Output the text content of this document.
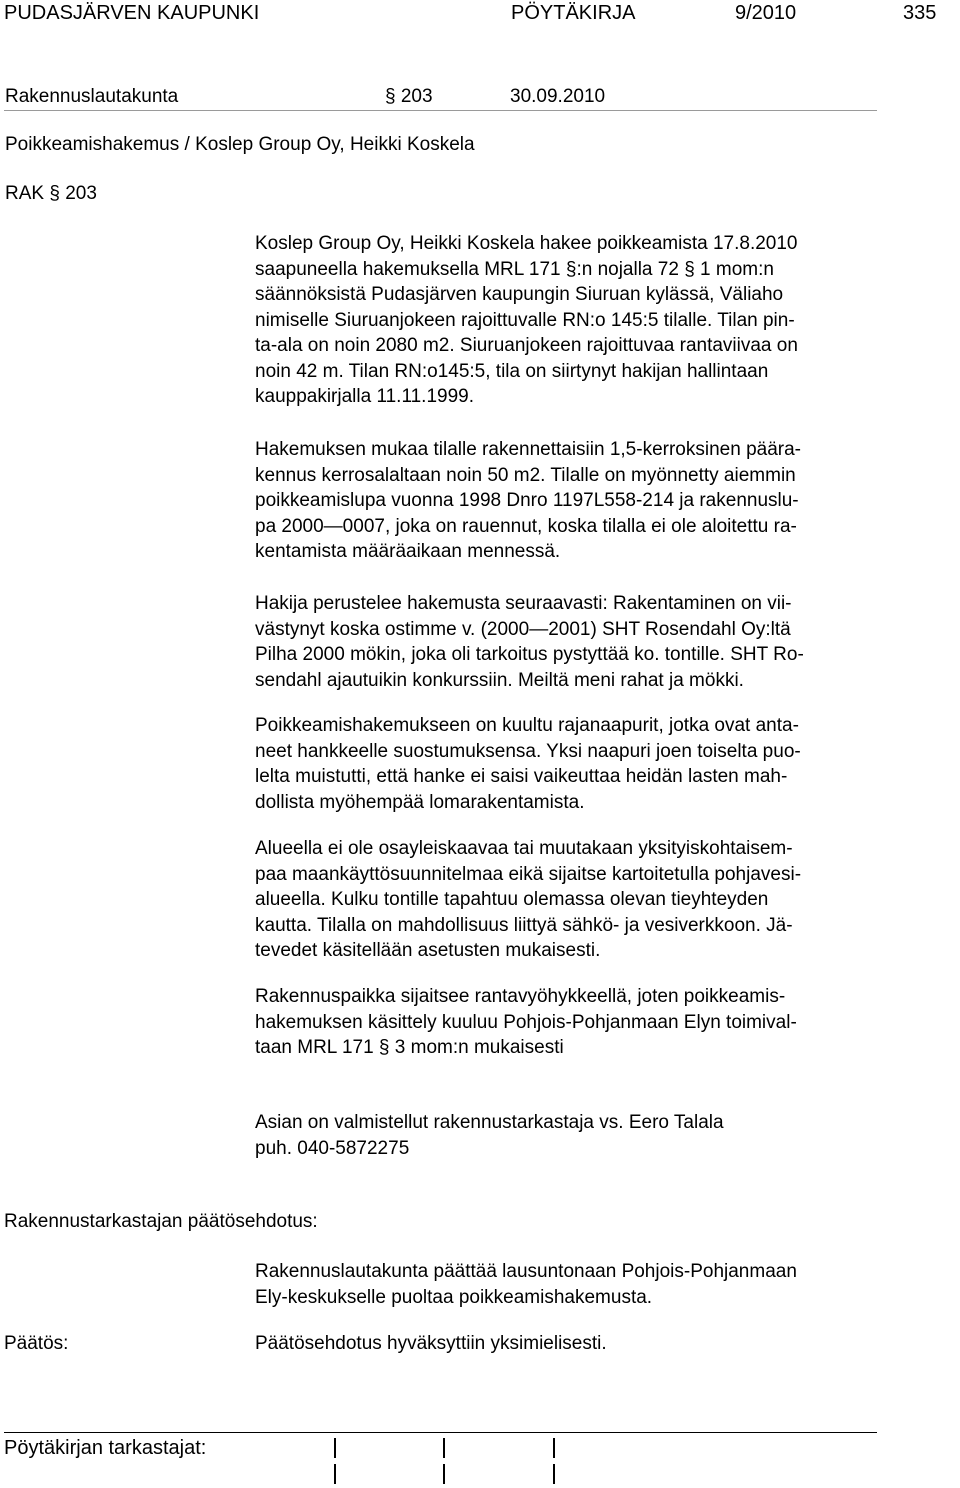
PUDASJÄRVEN KAUPUNKI	PÖYTÄKIRJA	9/2010	335
Rakennuslautakunta	§ 203	30.09.2010
Poikkeamishakemus / Koslep Group Oy, Heikki Koskela
RAK § 203
Koslep Group Oy, Heikki Koskela hakee poikkeamista 17.8.2010
saapuneella hakemuksella MRL 171 §:n nojalla 72 § 1 mom:n
säännöksistä Pudasjärven kaupungin Siuruan kylässä, Väliaho
nimiselle Siuruanjokeen rajoittuvalle RN:o 145:5 tilalle. Tilan pin-
ta-ala on noin 2080 m2. Siuruanjokeen rajoittuvaa rantaviivaa on
noin 42 m. Tilan RN:o145:5, tila on siirtynyt hakijan hallintaan
kauppakirjalla 11.11.1999.
Hakemuksen mukaa tilalle rakennettaisiin 1,5-kerroksinen päära-
kennus kerrosalaltaan noin 50 m2. Tilalle on myönnetty aiemmin
poikkeamislupa vuonna 1998 Dnro 1197L558-214 ja rakennuslu-
pa 2000—0007, joka on rauennut, koska tilalla ei ole aloitettu ra-
kentamista määräaikaan mennessä.
Hakija perustelee hakemusta seuraavasti: Rakentaminen on vii-
västynyt koska ostimme v. (2000—2001) SHT Rosendahl Oy:ltä
Pilha 2000 mökin, joka oli tarkoitus pystyttää ko. tontille. SHT Ro-
sendahl ajautuikin konkurssiin. Meiltä meni rahat ja mökki.
Poikkeamishakemukseen on kuultu rajanaapurit, jotka ovat anta-
neet hankkeelle suostumuksensa. Yksi naapuri joen toiselta puo-
lelta muistutti, että hanke ei saisi vaikeuttaa heidän lasten mah-
dollista myöhempää lomarakentamista.
Alueella ei ole osayleiskaavaa tai muutakaan yksityiskohtaisem-
paa maankäyttösuunnitelmaa eikä sijaitse kartoitetulla pohjavesi-
alueella. Kulku tontille tapahtuu olemassa olevan tieyhteyden
kautta. Tilalla on mahdollisuus liittyä sähkö- ja vesiverkkoon. Jä-
tevedet käsitellään asetusten mukaisesti.
Rakennuspaikka sijaitsee rantavyöhykkeellä, joten poikkeamis-
hakemuksen käsittely kuuluu Pohjois-Pohjanmaan Elyn toimival-
taan MRL 171 § 3 mom:n mukaisesti
Asian on valmistellut rakennustarkastaja vs. Eero Talala
puh. 040-5872275
Rakennustarkastajan päätösehdotus:
Rakennuslautakunta päättää lausuntonaan Pohjois-Pohjanmaan
Ely-keskukselle puoltaa poikkeamishakemusta.
Päätös:	Päätösehdotus hyväksyttiin yksimielisesti.
Pöytäkirjan tarkastajat:
